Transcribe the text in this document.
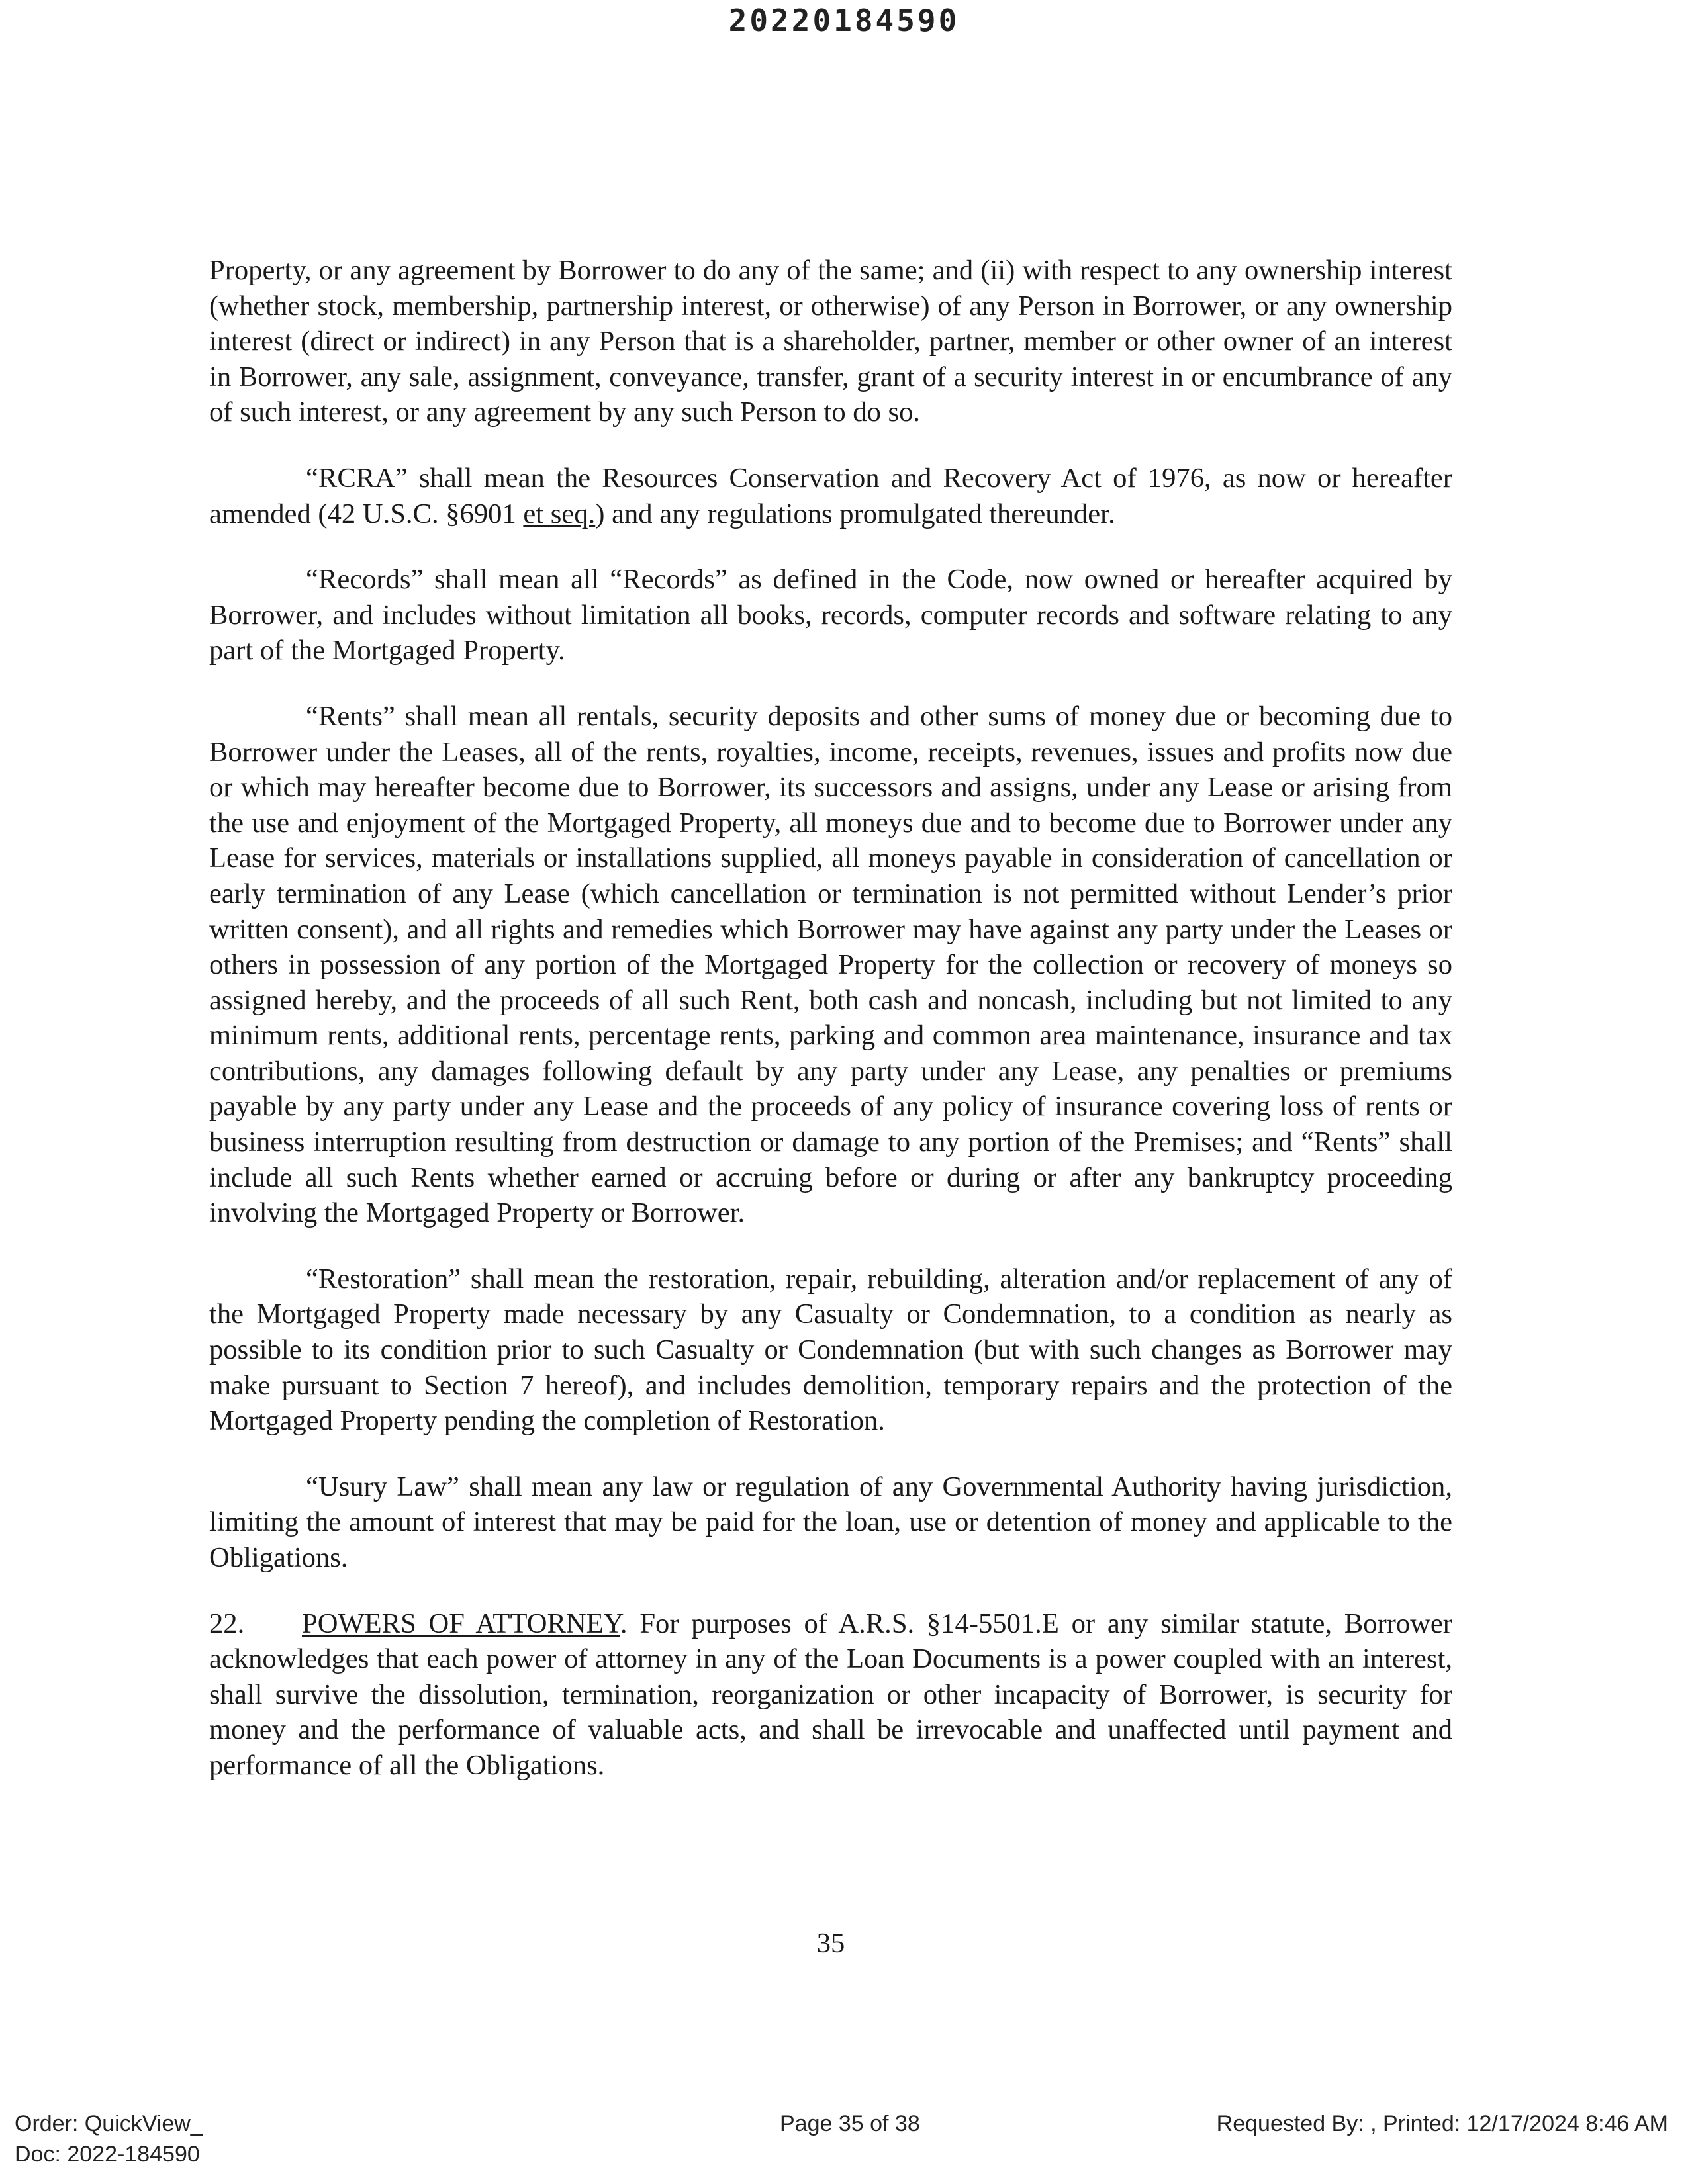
20220184590

Property, or any agreement by Borrower to do any of the same; and (ii) with respect to any ownership interest (whether stock, membership, partnership interest, or otherwise) of any Person in Borrower, or any ownership interest (direct or indirect) in any Person that is a shareholder, partner, member or other owner of an interest in Borrower, any sale, assignment, conveyance, transfer, grant of a security interest in or encumbrance of any of such interest, or any agreement by any such Person to do so.

“RCRA” shall mean the Resources Conservation and Recovery Act of 1976, as now or hereafter amended (42 U.S.C. §6901 et seq.) and any regulations promulgated thereunder.

“Records” shall mean all “Records” as defined in the Code, now owned or hereafter acquired by Borrower, and includes without limitation all books, records, computer records and software relating to any part of the Mortgaged Property.

“Rents” shall mean all rentals, security deposits and other sums of money due or becoming due to Borrower under the Leases, all of the rents, royalties, income, receipts, revenues, issues and profits now due or which may hereafter become due to Borrower, its successors and assigns, under any Lease or arising from the use and enjoyment of the Mortgaged Property, all moneys due and to become due to Borrower under any Lease for services, materials or installations supplied, all moneys payable in consideration of cancellation or early termination of any Lease (which cancellation or termination is not permitted without Lender’s prior written consent), and all rights and remedies which Borrower may have against any party under the Leases or others in possession of any portion of the Mortgaged Property for the collection or recovery of moneys so assigned hereby, and the proceeds of all such Rent, both cash and noncash, including but not limited to any minimum rents, additional rents, percentage rents, parking and common area maintenance, insurance and tax contributions, any damages following default by any party under any Lease, any penalties or premiums payable by any party under any Lease and the proceeds of any policy of insurance covering loss of rents or business interruption resulting from destruction or damage to any portion of the Premises; and “Rents” shall include all such Rents whether earned or accruing before or during or after any bankruptcy proceeding involving the Mortgaged Property or Borrower.

“Restoration” shall mean the restoration, repair, rebuilding, alteration and/or replacement of any of the Mortgaged Property made necessary by any Casualty or Condemnation, to a condition as nearly as possible to its condition prior to such Casualty or Condemnation (but with such changes as Borrower may make pursuant to Section 7 hereof), and includes demolition, temporary repairs and the protection of the Mortgaged Property pending the completion of Restoration.

“Usury Law” shall mean any law or regulation of any Governmental Authority having jurisdiction, limiting the amount of interest that may be paid for the loan, use or detention of money and applicable to the Obligations.

22. POWERS OF ATTORNEY. For purposes of A.R.S. §14-5501.E or any similar statute, Borrower acknowledges that each power of attorney in any of the Loan Documents is a power coupled with an interest, shall survive the dissolution, termination, reorganization or other incapacity of Borrower, is security for money and the performance of valuable acts, and shall be irrevocable and unaffected until payment and performance of all the Obligations.

35
Order: QuickView_
Doc: 2022-184590
Page 35 of 38	Requested By: , Printed: 12/17/2024 8:46 AM
